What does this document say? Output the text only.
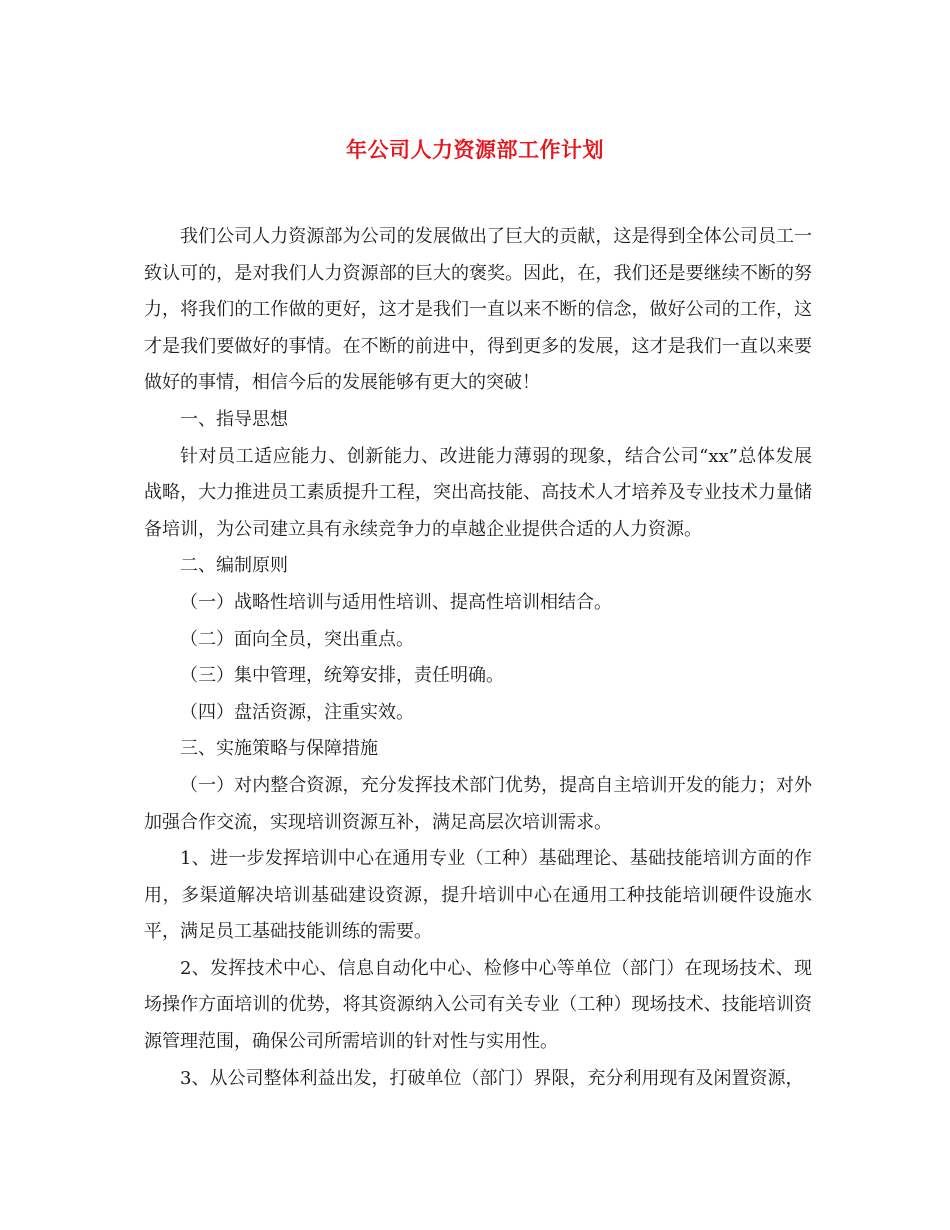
年公司人力资源部工作计划

我们公司人力资源部为公司的发展做出了巨大的贡献，这是得到全体公司员工一致认可的，是对我们人力资源部的巨大的褒奖。因此，在，我们还是要继续不断的努力，将我们的工作做的更好，这才是我们一直以来不断的信念，做好公司的工作，这才是我们要做好的事情。在不断的前进中，得到更多的发展，这才是我们一直以来要做好的事情，相信今后的发展能够有更大的突破！

一、指导思想

针对员工适应能力、创新能力、改进能力薄弱的现象，结合公司“xx”总体发展战略，大力推进员工素质提升工程，突出高技能、高技术人才培养及专业技术力量储备培训，为公司建立具有永续竞争力的卓越企业提供合适的人力资源。

二、编制原则

（一）战略性培训与适用性培训、提高性培训相结合。

（二）面向全员，突出重点。

（三）集中管理，统筹安排，责任明确。

（四）盘活资源，注重实效。

三、实施策略与保障措施

（一）对内整合资源，充分发挥技术部门优势，提高自主培训开发的能力；对外加强合作交流，实现培训资源互补，满足高层次培训需求。

1、进一步发挥培训中心在通用专业（工种）基础理论、基础技能培训方面的作用，多渠道解决培训基础建设资源，提升培训中心在通用工种技能培训硬件设施水平，满足员工基础技能训练的需要。

2、发挥技术中心、信息自动化中心、检修中心等单位（部门）在现场技术、现场操作方面培训的优势，将其资源纳入公司有关专业（工种）现场技术、技能培训资源管理范围，确保公司所需培训的针对性与实用性。

3、从公司整体利益出发，打破单位（部门）界限，充分利用现有及闲置资源，
